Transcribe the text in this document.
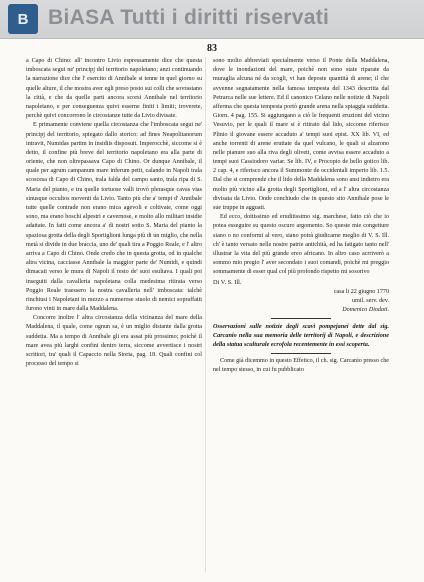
B BiASA Tutti i diritti riservati
83

a Capo di Chino: all' incontro Livio espressamente dice che questa imboscata segui ne' principj del territorio napoletano; anzi continuando la narrazione dice che l' esercito di Annibale si tenne in quel giorno su quelle alture, il che mostra aver egli preso posto sui colli che sovrastano la città, e che da quelle parti ancora scorsi Annibale nel territorio napoletano, e per conseguenza quivi esserne finiti i limiti; troverete, perchè quivi concorrono le circostanze tutte da Livio divisate.

E primamente conviene quella circostanza che l'imboscata segui ne' principj del territorio, spiegato dallo storico: ad fines Neapolitanorum intravit, Numidas partim in insidiis disposuit. Imperocchè, siccome si è detto, il confine più breve del territorio napoletano era alla parte di oriente, che non oltrepassava Capo di Chino. Or dunque Annibale, il quale per agrum campanum mare inferum petit, calando in Napoli trala scoscesa di Capo di Chino, trala falda del campo santo, trala ripa di S. Maria del pianto, e tra quelle tortuose valli trovò plerasque cavas vias sinusque occultos moventi da Livio. Tanto più che a' tempi d' Annibale tutte quelle contrade non erano mica agevoli e coltivate, come oggi sono, ma erano boschi alpestri e cavernose, e molto allo militari insidie adattate. In fatti come ancora a' di nostri sotto S. Maria del pianto la spaziosa grotta della degli Sportiglioni lunga più di un miglio, che nella metà si divide in due braccia, uno de' quali tira a Poggio Reale, e l' altro arriva a Capo di Chino. Onde credo che in questa grotta, od in qualche altra vicina, cacciasse Annibale la maggior parte de' Numidi, e quindi dimacati verso le mura di Napoli il resto de' suoi esultava. I quali poi inseguiti dalla cavalleria napoletana colla medesima ritirata verso Poggio Reale traessero la nostra cavalleria nell' imboscata: talchè rinchiusi i Napoletani in mezzo a numerose stuolo di nemici sopraffatti furono vinti in mare dalla Maddalena.

Concorre inoltre l' altra circostanza della vicinanza del mare della Maddalena, il quale, come ognun sa, è un miglio distante dalla grotta suddetta. Ma a tempo di Annibale gli era assai più prossimo; poichè il mare avea più larghi confini dentro terra, siccome avvertisce i nostri scrittori, tra' quali il Capaccio nella Storia, pag. 18. Quali confini col processo del tempo si

sono molto abbreviati specialmente verso il Ponte della Maddalena, dove le inondazioni del mare, poichè non sono state riparate da muraglia alcuna né da scogli, vi han deposte quantità di arene; il che avvenne segnatamente nella famosa tempesta del 1343 descritta dal Petrarca nelle sue lettere. Ed il canonico Celano nelle notizie di Napoli afferma che questa tempesta portò grande arena nella spiaggia suddetta. Giorn. 4 pag. 155. Si aggiungano a ciò le frequenti eruzioni del vicino Vesuvio, per le quali il mare si è ritirato dal lido, siccome riferisce Plinio il giovane essere accaduto a' tempi suoi epist. XX lib. VI, ed anche torrenti di arene eruttate da quel vulcano, le quali si alzarono nelle pianure suo alla riva degli oliveti, come avvisa essere accaduto a tempi suoi Cassiodoro variar. Se lib. IV, e Procopio de bello gotico lib. 2 cap. 4, e riferisco ancora il Summonte de occidentali imperio lib. 1.5. Dal che si comprende che il lido della Maddalena sono ansi indietro era molto più vicino alla grotta degli Sportiglioni, ed a l' altra circostanza divisata da Livio. Onde conchiudo che in questo sito Annibale pose le sue truppe in agguati.

Ed ecco, dottissimo ed eruditissimo sig. marchese, fatto ciò che io potea esseguire su questo oscuro argomento. So queste mie congetture siano o no conformi al vero, siano potrà giudicarne meglio di V. S. Ill. ch' è tanto versato nelle nostre patrie antichità, ed ha fatigato tanto nell' illustrar la vita del più grande ereo africano. In altro caso acrriverò a sommo mio pregio l' aver secondato i suoi comandi, poichè mi preggio sommamente di esser qual col più profondo rispetto mi sosorivo

Di V. S. Ill.
casa li 22 giugno 1770
umil. serv. dev.
Domenico Diodati.
Osservazioni sulle notizie degli scavi pompejanei dette dal sig. Carcanio nella sua memoria delle territorij di Napoli, e descrizione della statua sculturale ecrofola recentemente in essi scoperta.

Come già dicemmo in questo Effetico, il ch. sig. Carcanio presso che nel tempo stesso, in cui fu pubblicato
